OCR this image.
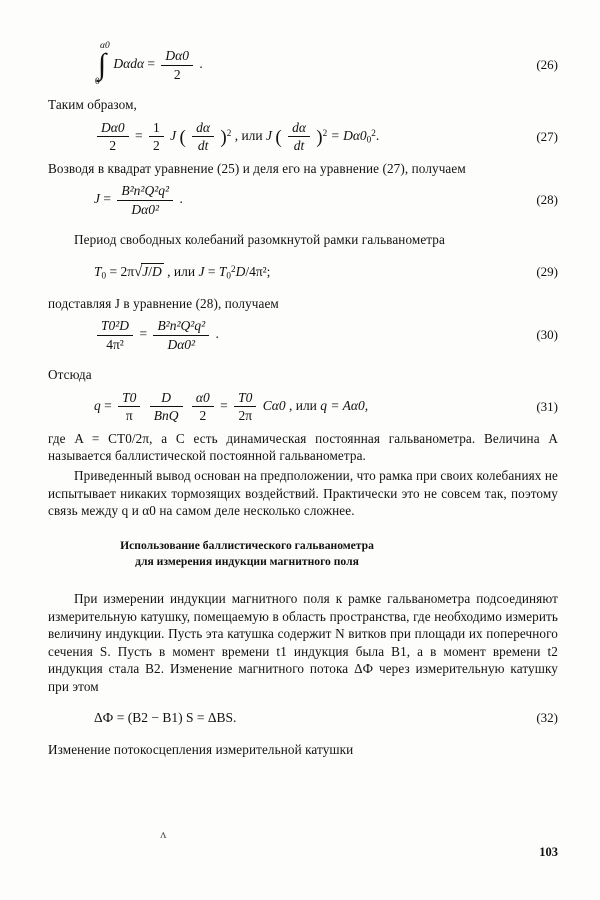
α0
∫
0
$D\alpha d\alpha = \frac{D\alpha 0}{2}$ .	(26)

Таким образом,

$\frac{D\alpha 0}{2} = \frac{1}{2}$ J ( $\frac{d\alpha}{dt} )^2$ , или J ( $\frac{d\alpha}{dt} )^2 = D\alpha 0_0^2$.	(27)

Возводя в квадрат уравнение (25) и деля его на уравнение (27), получаем

$J = \frac{\text{B²n²Q²q²}}{\text{Dα0²}}$ .	(28)

Период свободных колебаний разомкнутой рамки гальванометра

$T_0 = 2\pi√J/D$ , или $J = T_0^2D/4\pi^2$;	(29)

подставляя J в уравнение (28), получаем

$\frac{\text{T0²D}}{\text{4π²}} = \frac{\text{B²n²Q²q²}}{\text{Dα0²}}$ .	(30)

Отсюда

$q = \frac{T0}{\pi}$
$\frac{D}{\text{BnQ}}$
$\frac{\alpha 0}{2} = \frac{T0}{2\pi} C\alpha 0$ , или q = Aα0,	(31)

где A = CT0/2π, а C есть динамическая постоянная гальванометра. Величина A называется баллистической постоянной гальванометра.

Приведенный вывод основан на предположении, что рамка при своих колебаниях не испытывает никаких тормозящих воздействий. Практически это не совсем так, поэтому связь между q и α0 на самом деле несколько сложнее.

Использование баллистического гальванометра
для измерения индукции магнитного поля

При измерении индукции магнитного поля к рамке гальванометра подсоединяют измерительную катушку, помещаемую в область пространства, где необходимо измерить величину индукции. Пусть эта катушка содержит N витков при площади их поперечного сечения S. Пусть в момент времени t1 индукция была B1, а в момент времени t2 индукция стала B2. Изменение магнитного потока ΔФ через измерительную катушку при этом

ΔФ = (B2 − B1) S = ΔBS.	(32)

Изменение потокосцепления измерительной катушки

ʌ
103
